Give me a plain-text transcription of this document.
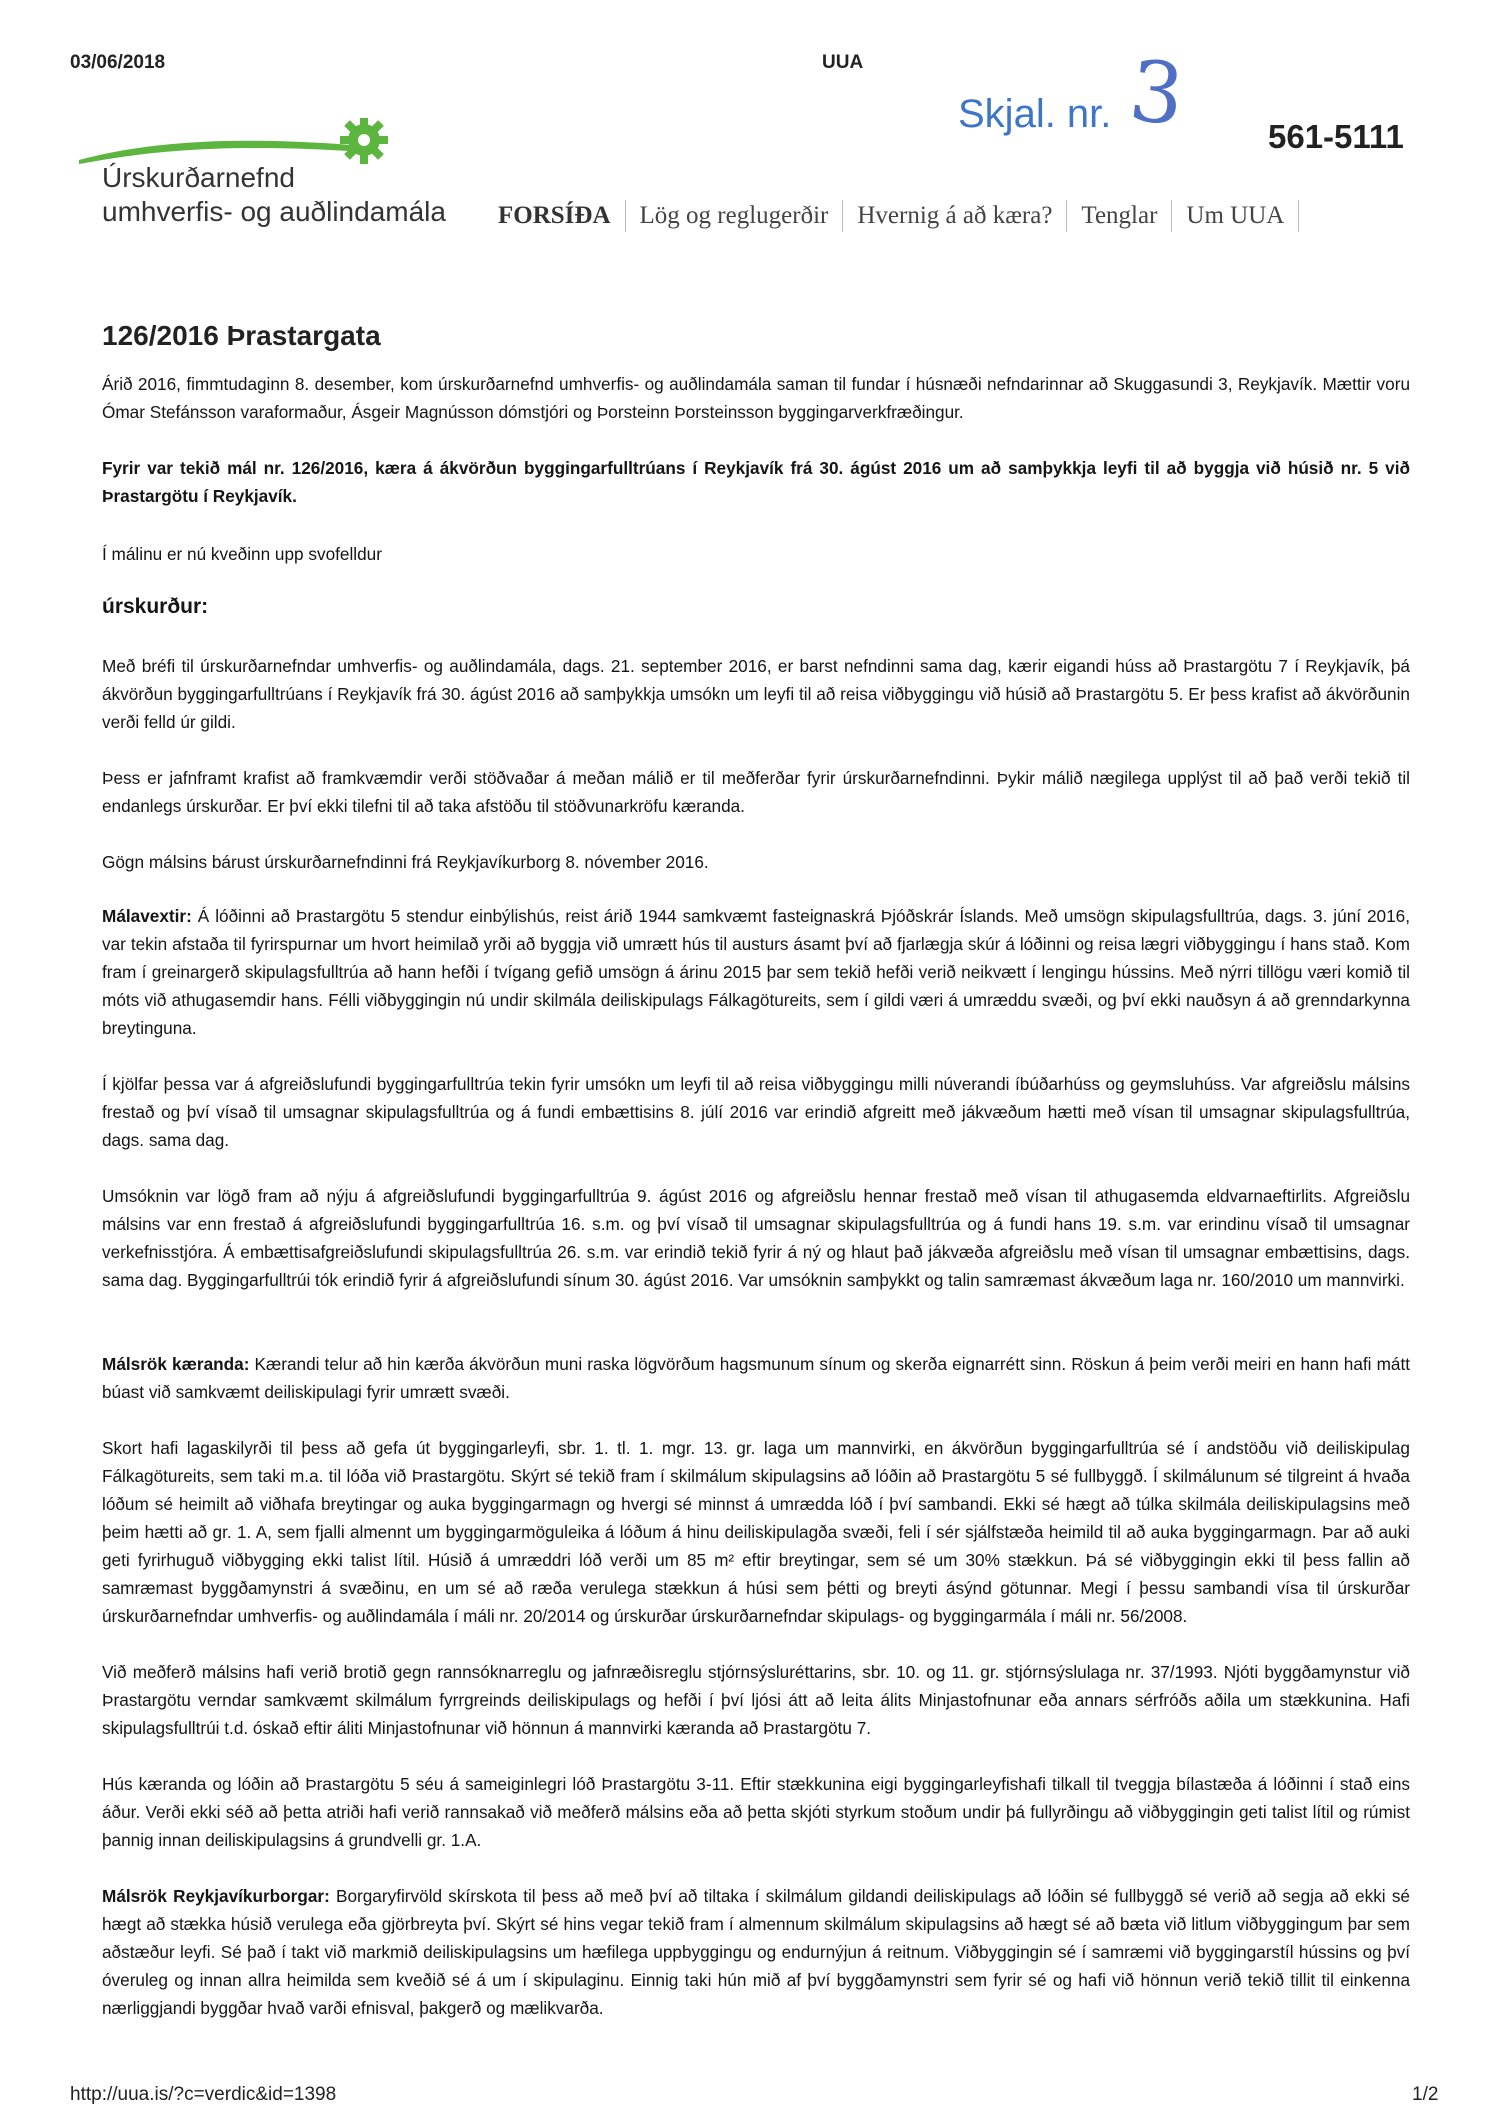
03/06/2018	UUA
Skjal. nr. 3 561-5111
Úrskurðarnefnd
umhverfis- og auðlindamála	FORSÍÐA	Lög og reglugerðir	Hvernig á að kæra?	Tenglar	Um UUA
126/2016 Þrastargata

Árið 2016, fimmtudaginn 8. desember, kom úrskurðarnefnd umhverfis- og auðlindamála saman til fundar í húsnæði nefndarinnar að Skuggasundi 3, Reykjavík. Mættir voru Ómar Stefánsson varaformaður, Ásgeir Magnússon dómstjóri og Þorsteinn Þorsteinsson byggingarverkfræðingur.

Fyrir var tekið mál nr. 126/2016, kæra á ákvörðun byggingarfulltrúans í Reykjavík frá 30. ágúst 2016 um að samþykkja leyfi til að byggja við húsið nr. 5 við Þrastargötu í Reykjavík.

Í málinu er nú kveðinn upp svofelldur

úrskurður:

Með bréfi til úrskurðarnefndar umhverfis- og auðlindamála, dags. 21. september 2016, er barst nefndinni sama dag, kærir eigandi húss að Þrastargötu 7 í Reykjavík, þá ákvörðun byggingarfulltrúans í Reykjavík frá 30. ágúst 2016 að samþykkja umsókn um leyfi til að reisa viðbyggingu við húsið að Þrastargötu 5. Er þess krafist að ákvörðunin verði felld úr gildi.

Þess er jafnframt krafist að framkvæmdir verði stöðvaðar á meðan málið er til meðferðar fyrir úrskurðarnefndinni. Þykir málið nægilega upplýst til að það verði tekið til endanlegs úrskurðar. Er því ekki tilefni til að taka afstöðu til stöðvunarkröfu kæranda.

Gögn málsins bárust úrskurðarnefndinni frá Reykjavíkurborg 8. nóvember 2016.

Málavextir: Á lóðinni að Þrastargötu 5 stendur einbýlishús, reist árið 1944 samkvæmt fasteignaskrá Þjóðskrár Íslands. Með umsögn skipulagsfulltrúa, dags. 3. júní 2016, var tekin afstaða til fyrirspurnar um hvort heimilað yrði að byggja við umrætt hús til austurs ásamt því að fjarlægja skúr á lóðinni og reisa lægri viðbyggingu í hans stað. Kom fram í greinargerð skipulagsfulltrúa að hann hefði í tvígang gefið umsögn á árinu 2015 þar sem tekið hefði verið neikvætt í lengingu hússins. Með nýrri tillögu væri komið til móts við athugasemdir hans. Félli viðbyggingin nú undir skilmála deiliskipulags Fálkagötureits, sem í gildi væri á umræddu svæði, og því ekki nauðsyn á að grenndarkynna breytinguna.

Í kjölfar þessa var á afgreiðslufundi byggingarfulltrúa tekin fyrir umsókn um leyfi til að reisa viðbyggingu milli núverandi íbúðarhúss og geymsluhúss. Var afgreiðslu málsins frestað og því vísað til umsagnar skipulagsfulltrúa og á fundi embættisins 8. júlí 2016 var erindið afgreitt með jákvæðum hætti með vísan til umsagnar skipulagsfulltrúa, dags. sama dag.

Umsóknin var lögð fram að nýju á afgreiðslufundi byggingarfulltrúa 9. ágúst 2016 og afgreiðslu hennar frestað með vísan til athugasemda eldvarnaeftirlits. Afgreiðslu málsins var enn frestað á afgreiðslufundi byggingarfulltrúa 16. s.m. og því vísað til umsagnar skipulagsfulltrúa og á fundi hans 19. s.m. var erindinu vísað til umsagnar verkefnisstjóra. Á embættisafgreiðslufundi skipulagsfulltrúa 26. s.m. var erindið tekið fyrir á ný og hlaut það jákvæða afgreiðslu með vísan til umsagnar embættisins, dags. sama dag. Byggingarfulltrúi tók erindið fyrir á afgreiðslufundi sínum 30. ágúst 2016. Var umsóknin samþykkt og talin samræmast ákvæðum laga nr. 160/2010 um mannvirki.

Málsrök kæranda: Kærandi telur að hin kærða ákvörðun muni raska lögvörðum hagsmunum sínum og skerða eignarrétt sinn. Röskun á þeim verði meiri en hann hafi mátt búast við samkvæmt deiliskipulagi fyrir umrætt svæði.

Skort hafi lagaskilyrði til þess að gefa út byggingarleyfi, sbr. 1. tl. 1. mgr. 13. gr. laga um mannvirki, en ákvörðun byggingarfulltrúa sé í andstöðu við deiliskipulag Fálkagötureits, sem taki m.a. til lóða við Þrastargötu. Skýrt sé tekið fram í skilmálum skipulagsins að lóðin að Þrastargötu 5 sé fullbyggð. Í skilmálunum sé tilgreint á hvaða lóðum sé heimilt að viðhafa breytingar og auka byggingarmagn og hvergi sé minnst á umrædda lóð í því sambandi. Ekki sé hægt að túlka skilmála deiliskipulagsins með þeim hætti að gr. 1. A, sem fjalli almennt um byggingarmöguleika á lóðum á hinu deiliskipulagða svæði, feli í sér sjálfstæða heimild til að auka byggingarmagn. Þar að auki geti fyrirhuguð viðbygging ekki talist lítil. Húsið á umræddri lóð verði um 85 m² eftir breytingar, sem sé um 30% stækkun. Þá sé viðbyggingin ekki til þess fallin að samræmast byggðamynstri á svæðinu, en um sé að ræða verulega stækkun á húsi sem þétti og breyti ásýnd götunnar. Megi í þessu sambandi vísa til úrskurðar úrskurðarnefndar umhverfis- og auðlindamála í máli nr. 20/2014 og úrskurðar úrskurðarnefndar skipulags- og byggingarmála í máli nr. 56/2008.

Við meðferð málsins hafi verið brotið gegn rannsóknarreglu og jafnræðisreglu stjórnsýsluréttarins, sbr. 10. og 11. gr. stjórnsýslulaga nr. 37/1993. Njóti byggðamynstur við Þrastargötu verndar samkvæmt skilmálum fyrrgreinds deiliskipulags og hefði í því ljósi átt að leita álits Minjastofnunar eða annars sérfróðs aðila um stækkunina. Hafi skipulagsfulltrúi t.d. óskað eftir áliti Minjastofnunar við hönnun á mannvirki kæranda að Þrastargötu 7.

Hús kæranda og lóðin að Þrastargötu 5 séu á sameiginlegri lóð Þrastargötu 3-11. Eftir stækkunina eigi byggingarleyfishafi tilkall til tveggja bílastæða á lóðinni í stað eins áður. Verði ekki séð að þetta atriði hafi verið rannsakað við meðferð málsins eða að þetta skjóti styrkum stoðum undir þá fullyrðingu að viðbyggingin geti talist lítil og rúmist þannig innan deiliskipulagsins á grundvelli gr. 1.A.

Málsrök Reykjavíkurborgar: Borgaryfirvöld skírskota til þess að með því að tiltaka í skilmálum gildandi deiliskipulags að lóðin sé fullbyggð sé verið að segja að ekki sé hægt að stækka húsið verulega eða gjörbreyta því. Skýrt sé hins vegar tekið fram í almennum skilmálum skipulagsins að hægt sé að bæta við litlum viðbyggingum þar sem aðstæður leyfi. Sé það í takt við markmið deiliskipulagsins um hæfilega uppbyggingu og endurnýjun á reitnum. Viðbyggingin sé í samræmi við byggingarstíl hússins og því óveruleg og innan allra heimilda sem kveðið sé á um í skipulaginu. Einnig taki hún mið af því byggðamynstri sem fyrir sé og hafi við hönnun verið tekið tillit til einkenna nærliggjandi byggðar hvað varði efnisval, þakgerð og mælikvarða.

http://uua.is/?c=verdic&id=1398	1/2
